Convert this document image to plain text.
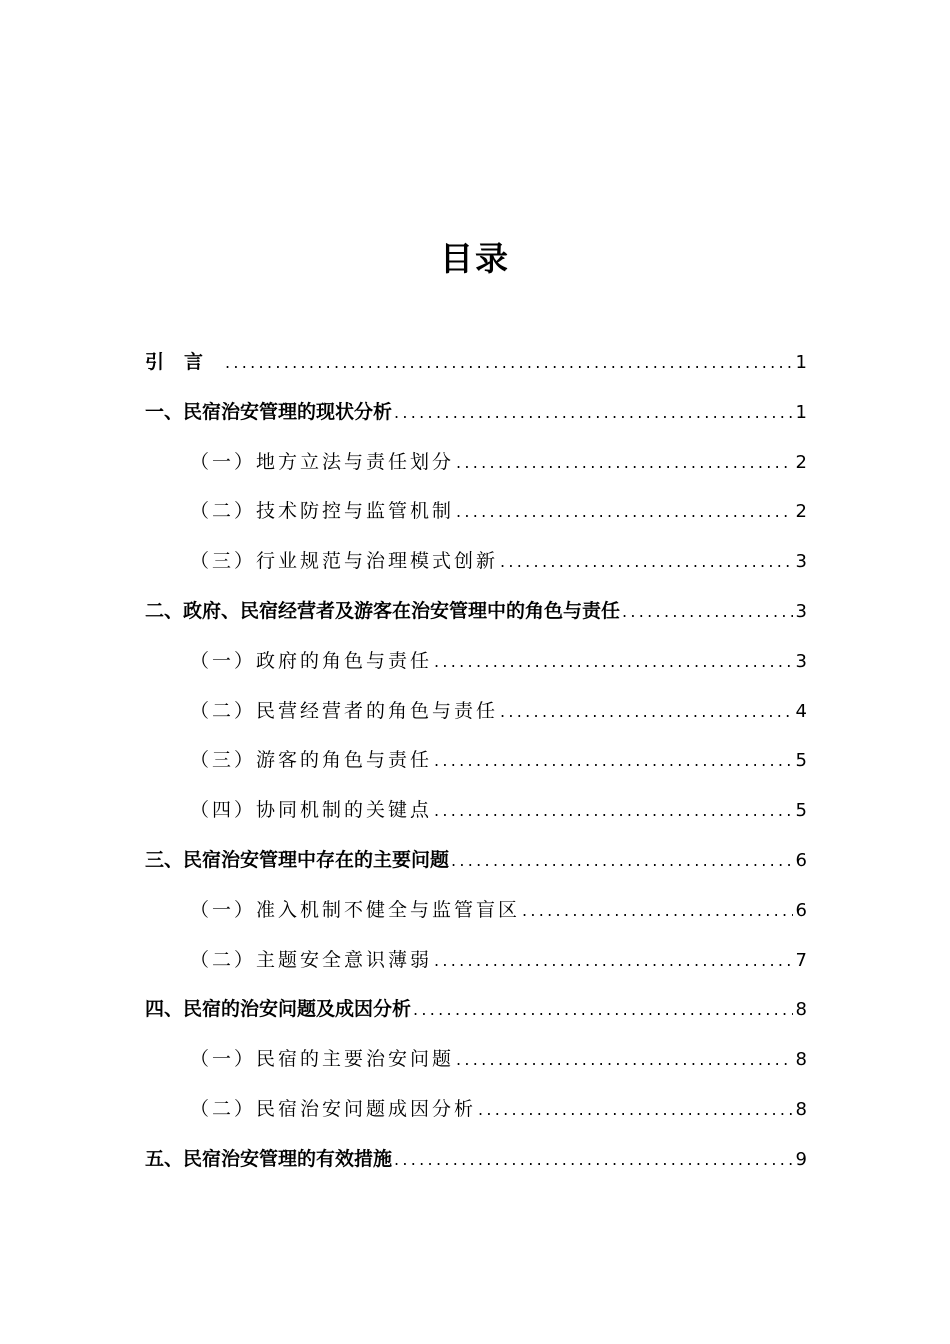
目录
引言 .....	1
一、民宿治安管理的现状分析 .....	1
（一）地方立法与责任划分 .....	2
（二）技术防控与监管机制 .....	2
（三）行业规范与治理模式创新 .....	3
二、政府、民宿经营者及游客在治安管理中的角色与责任 .....	3
（一）政府的角色与责任 .....	3
（二）民营经营者的角色与责任 .....	4
（三）游客的角色与责任 .....	5
（四）协同机制的关键点 .....	5
三、民宿治安管理中存在的主要问题 .....	6
（一）准入机制不健全与监管盲区 .....	6
（二）主题安全意识薄弱 .....	7
四、民宿的治安问题及成因分析 .....	8
（一）民宿的主要治安问题 .....	8
（二）民宿治安问题成因分析 .....	8
五、民宿治安管理的有效措施 .....	9
